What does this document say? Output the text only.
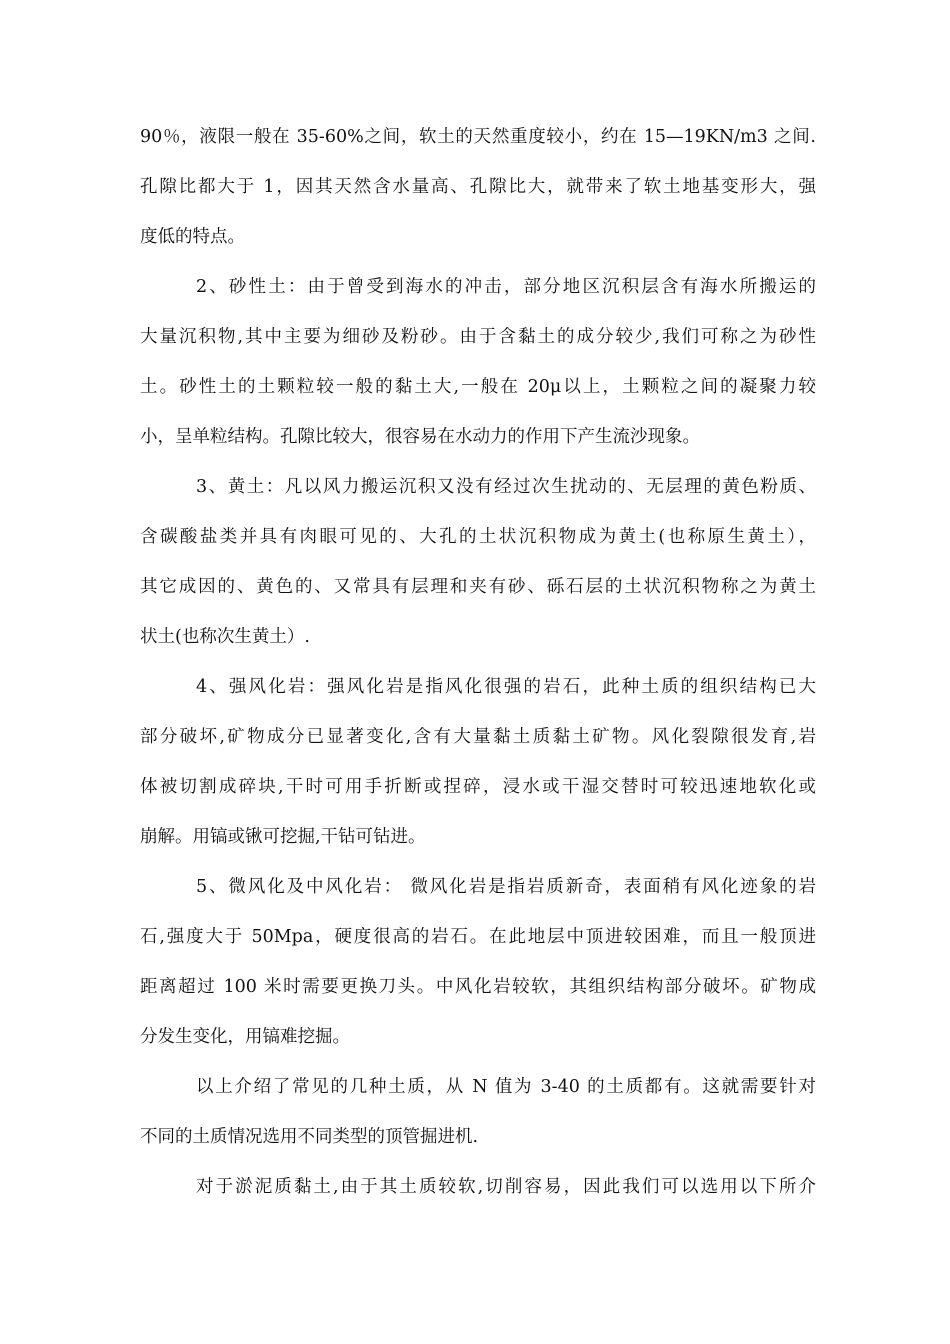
90％，液限一般在 35-60%之间，软土的天然重度较小，约在 15—19KN/m3 之间.
孔隙比都大于 1，因其天然含水量高、孔隙比大，就带来了软土地基变形大，强
度低的特点。
2、砂性土：由于曾受到海水的冲击，部分地区沉积层含有海水所搬运的
大量沉积物,其中主要为细砂及粉砂。由于含黏土的成分较少,我们可称之为砂性
土。砂性土的土颗粒较一般的黏土大,一般在 20μ以上，土颗粒之间的凝聚力较
小，呈单粒结构。孔隙比较大，很容易在水动力的作用下产生流沙现象。
3、黄土：凡以风力搬运沉积又没有经过次生扰动的、无层理的黄色粉质、
含碳酸盐类并具有肉眼可见的、大孔的土状沉积物成为黄土(也称原生黄土），
其它成因的、黄色的、又常具有层理和夹有砂、砾石层的土状沉积物称之为黄土
状土(也称次生黄土）.
4、强风化岩：强风化岩是指风化很强的岩石，此种土质的组织结构已大
部分破坏,矿物成分已显著变化,含有大量黏土质黏土矿物。风化裂隙很发育,岩
体被切割成碎块,干时可用手折断或捏碎，浸水或干湿交替时可较迅速地软化或
崩解。用镐或锹可挖掘,干钻可钻进。
5、微风化及中风化岩： 微风化岩是指岩质新奇，表面稍有风化迹象的岩
石,强度大于 50Mpa，硬度很高的岩石。在此地层中顶进较困难，而且一般顶进
距离超过 100 米时需要更换刀头。中风化岩较软，其组织结构部分破坏。矿物成
分发生变化，用镐难挖掘。
以上介绍了常见的几种土质，从 N 值为 3-40 的土质都有。这就需要针对
不同的土质情况选用不同类型的顶管掘进机.
对于淤泥质黏土,由于其土质较软,切削容易，因此我们可以选用以下所介
